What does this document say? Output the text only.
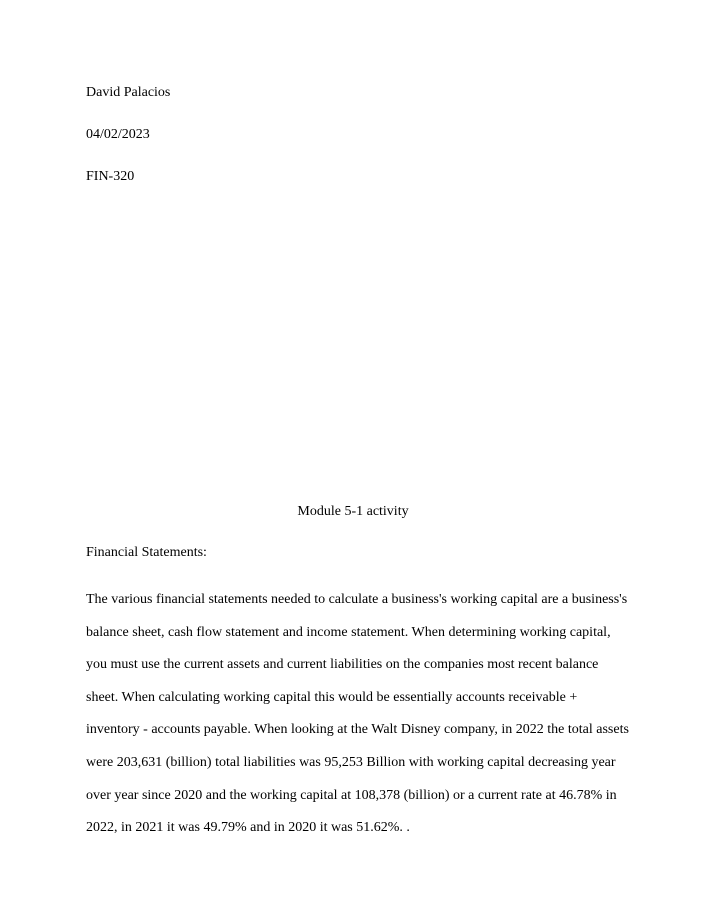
David Palacios
04/02/2023
FIN-320
Module 5-1 activity
Financial Statements:
The various financial statements needed to calculate a business's working capital are a business's
balance sheet, cash flow statement and income statement. When determining working capital,
you must use the current assets and current liabilities on the companies most recent balance
sheet. When calculating working capital this would be essentially accounts receivable +
inventory - accounts payable. When looking at the Walt Disney company, in 2022 the total assets
were 203,631 (billion) total liabilities was 95,253 Billion with working capital decreasing year
over year since 2020 and the working capital at 108,378 (billion) or a current rate at 46.78% in
2022, in 2021 it was 49.79% and in 2020 it was 51.62%. .
